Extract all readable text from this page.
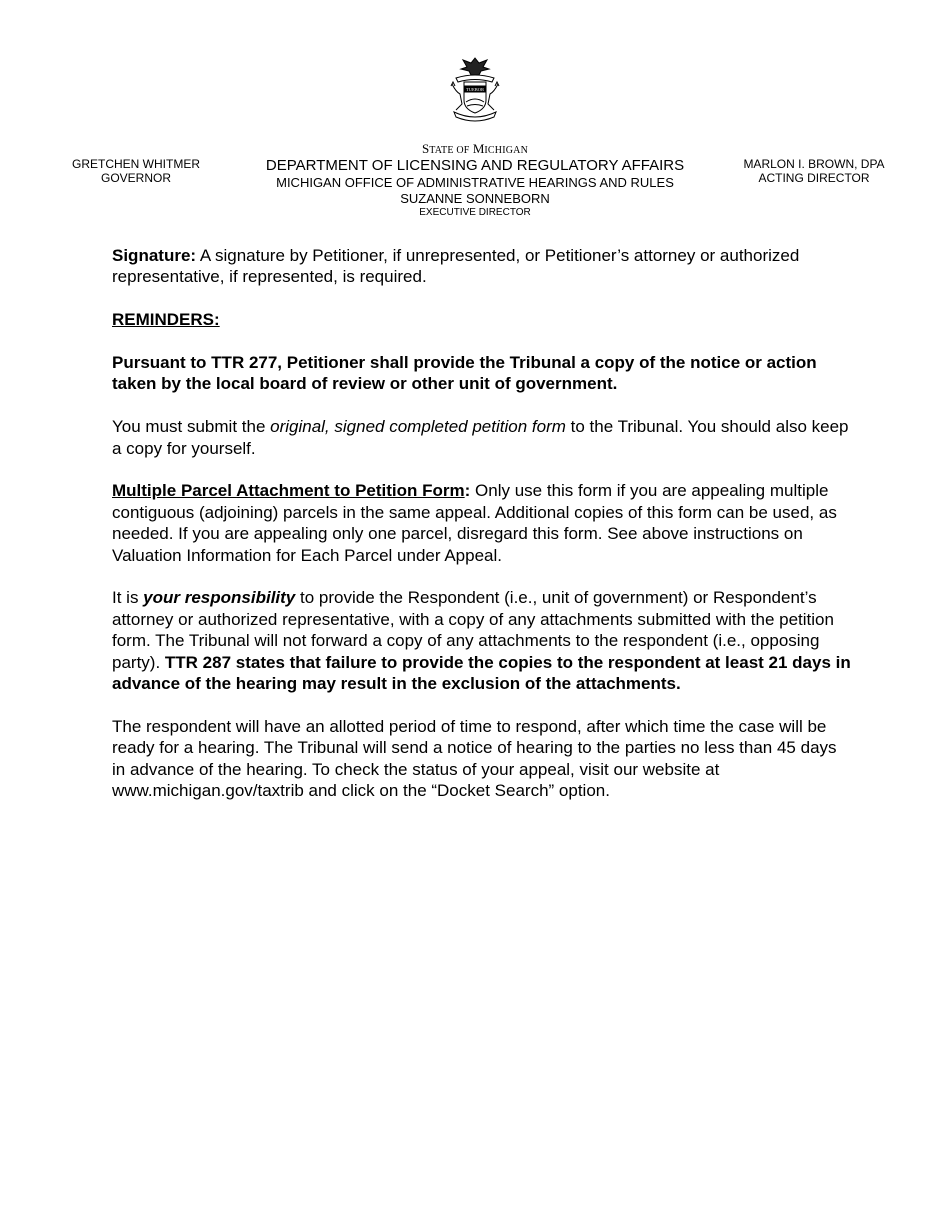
TUEBOR
STATE OF MICHIGAN
GRETCHEN WHITMER
GOVERNOR
DEPARTMENT OF LICENSING AND REGULATORY AFFAIRS
MICHIGAN OFFICE OF ADMINISTRATIVE HEARINGS AND RULES
SUZANNE SONNEBORN
EXECUTIVE DIRECTOR
MARLON I. BROWN, DPA
ACTING DIRECTOR

Signature: A signature by Petitioner, if unrepresented, or Petitioner’s attorney or authorized representative, if represented, is required.

REMINDERS:

Pursuant to TTR 277, Petitioner shall provide the Tribunal a copy of the notice or action taken by the local board of review or other unit of government.

You must submit the original, signed completed petition form to the Tribunal. You should also keep a copy for yourself.

Multiple Parcel Attachment to Petition Form: Only use this form if you are appealing multiple contiguous (adjoining) parcels in the same appeal. Additional copies of this form can be used, as needed. If you are appealing only one parcel, disregard this form. See above instructions on Valuation Information for Each Parcel under Appeal.

It is your responsibility to provide the Respondent (i.e., unit of government) or Respondent’s attorney or authorized representative, with a copy of any attachments submitted with the petition form. The Tribunal will not forward a copy of any attachments to the respondent (i.e., opposing party). TTR 287 states that failure to provide the copies to the respondent at least 21 days in advance of the hearing may result in the exclusion of the attachments.

The respondent will have an allotted period of time to respond, after which time the case will be ready for a hearing. The Tribunal will send a notice of hearing to the parties no less than 45 days in advance of the hearing. To check the status of your appeal, visit our website at www.michigan.gov/taxtrib and click on the “Docket Search” option.
